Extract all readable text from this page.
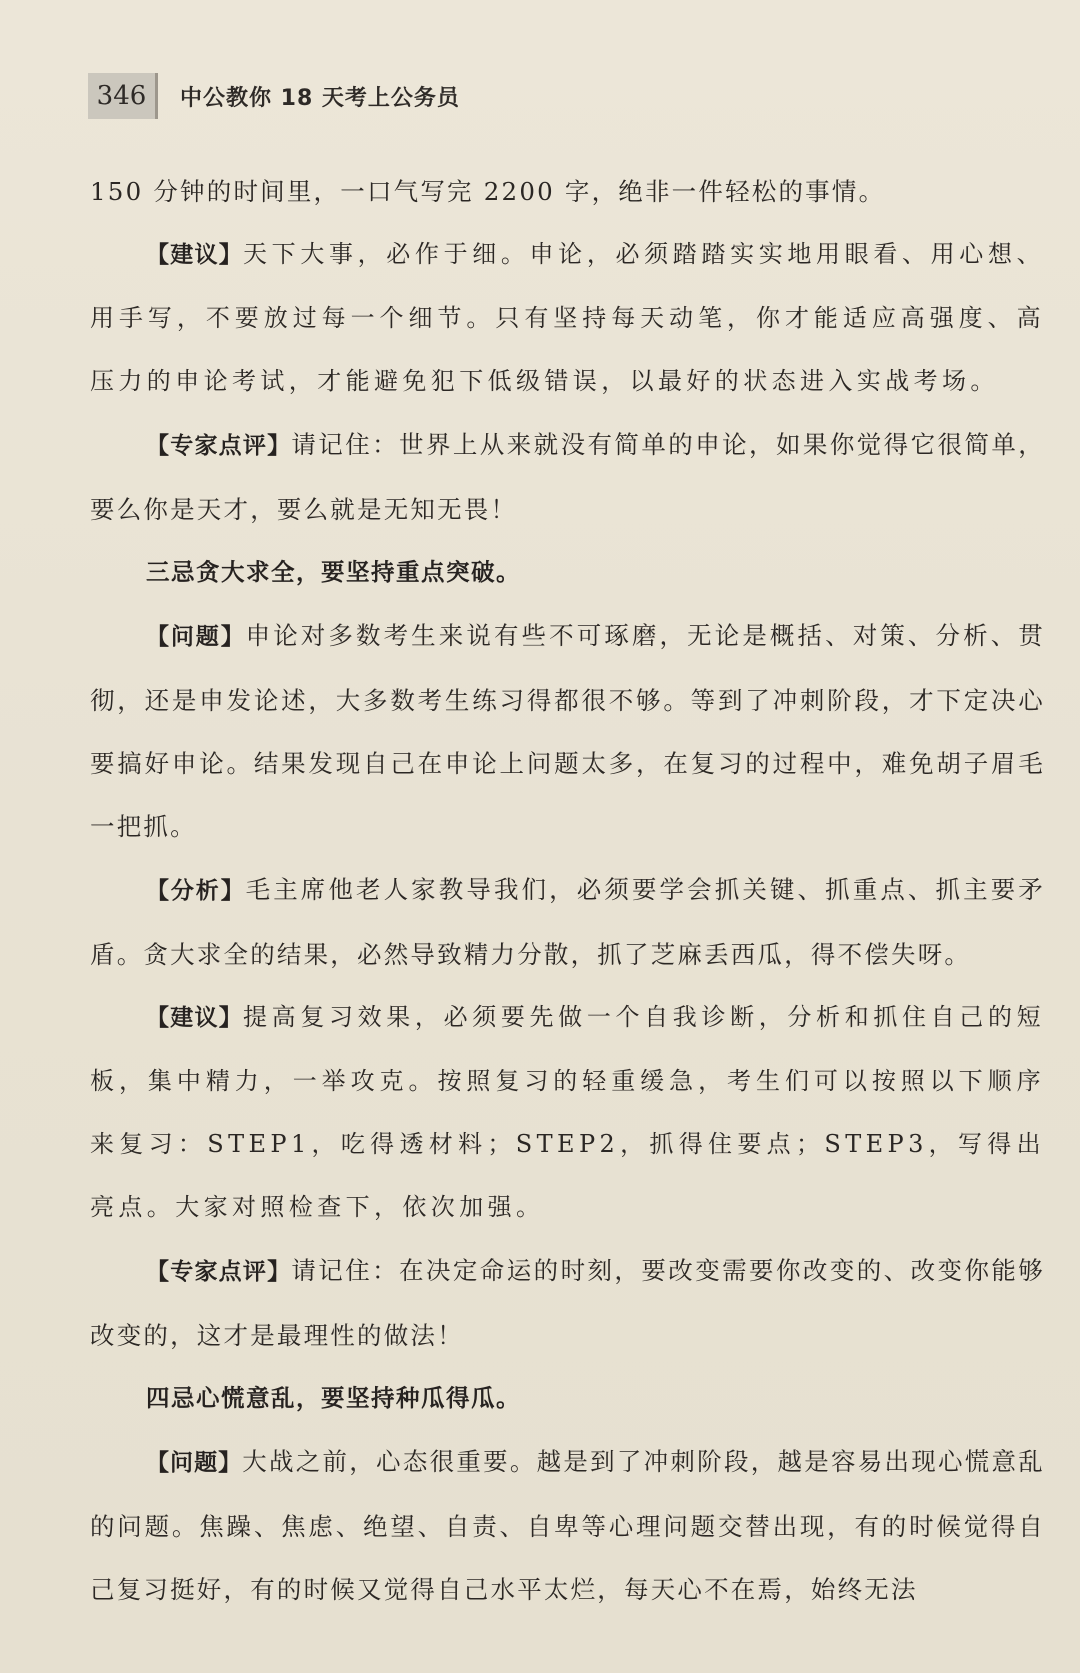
346	中公教你 18 天考上公务员

150 分钟的时间里，一口气写完 2200 字，绝非一件轻松的事情。

【建议】天下大事，必作于细。申论，必须踏踏实实地用眼看、用心想、用手写，不要放过每一个细节。只有坚持每天动笔，你才能适应高强度、高压力的申论考试，才能避免犯下低级错误，以最好的状态进入实战考场。

【专家点评】请记住：世界上从来就没有简单的申论，如果你觉得它很简单，要么你是天才，要么就是无知无畏！

三忌贪大求全，要坚持重点突破。

【问题】申论对多数考生来说有些不可琢磨，无论是概括、对策、分析、贯彻，还是申发论述，大多数考生练习得都很不够。等到了冲刺阶段，才下定决心要搞好申论。结果发现自己在申论上问题太多，在复习的过程中，难免胡子眉毛一把抓。

【分析】毛主席他老人家教导我们，必须要学会抓关键、抓重点、抓主要矛盾。贪大求全的结果，必然导致精力分散，抓了芝麻丢西瓜，得不偿失呀。

【建议】提高复习效果，必须要先做一个自我诊断，分析和抓住自己的短板，集中精力，一举攻克。按照复习的轻重缓急，考生们可以按照以下顺序来复习：STEP1，吃得透材料；STEP2，抓得住要点；STEP3，写得出亮点。大家对照检查下，依次加强。

【专家点评】请记住：在决定命运的时刻，要改变需要你改变的、改变你能够改变的，这才是最理性的做法！

四忌心慌意乱，要坚持种瓜得瓜。

【问题】大战之前，心态很重要。越是到了冲刺阶段，越是容易出现心慌意乱的问题。焦躁、焦虑、绝望、自责、自卑等心理问题交替出现，有的时候觉得自己复习挺好，有的时候又觉得自己水平太烂，每天心不在焉，始终无法
